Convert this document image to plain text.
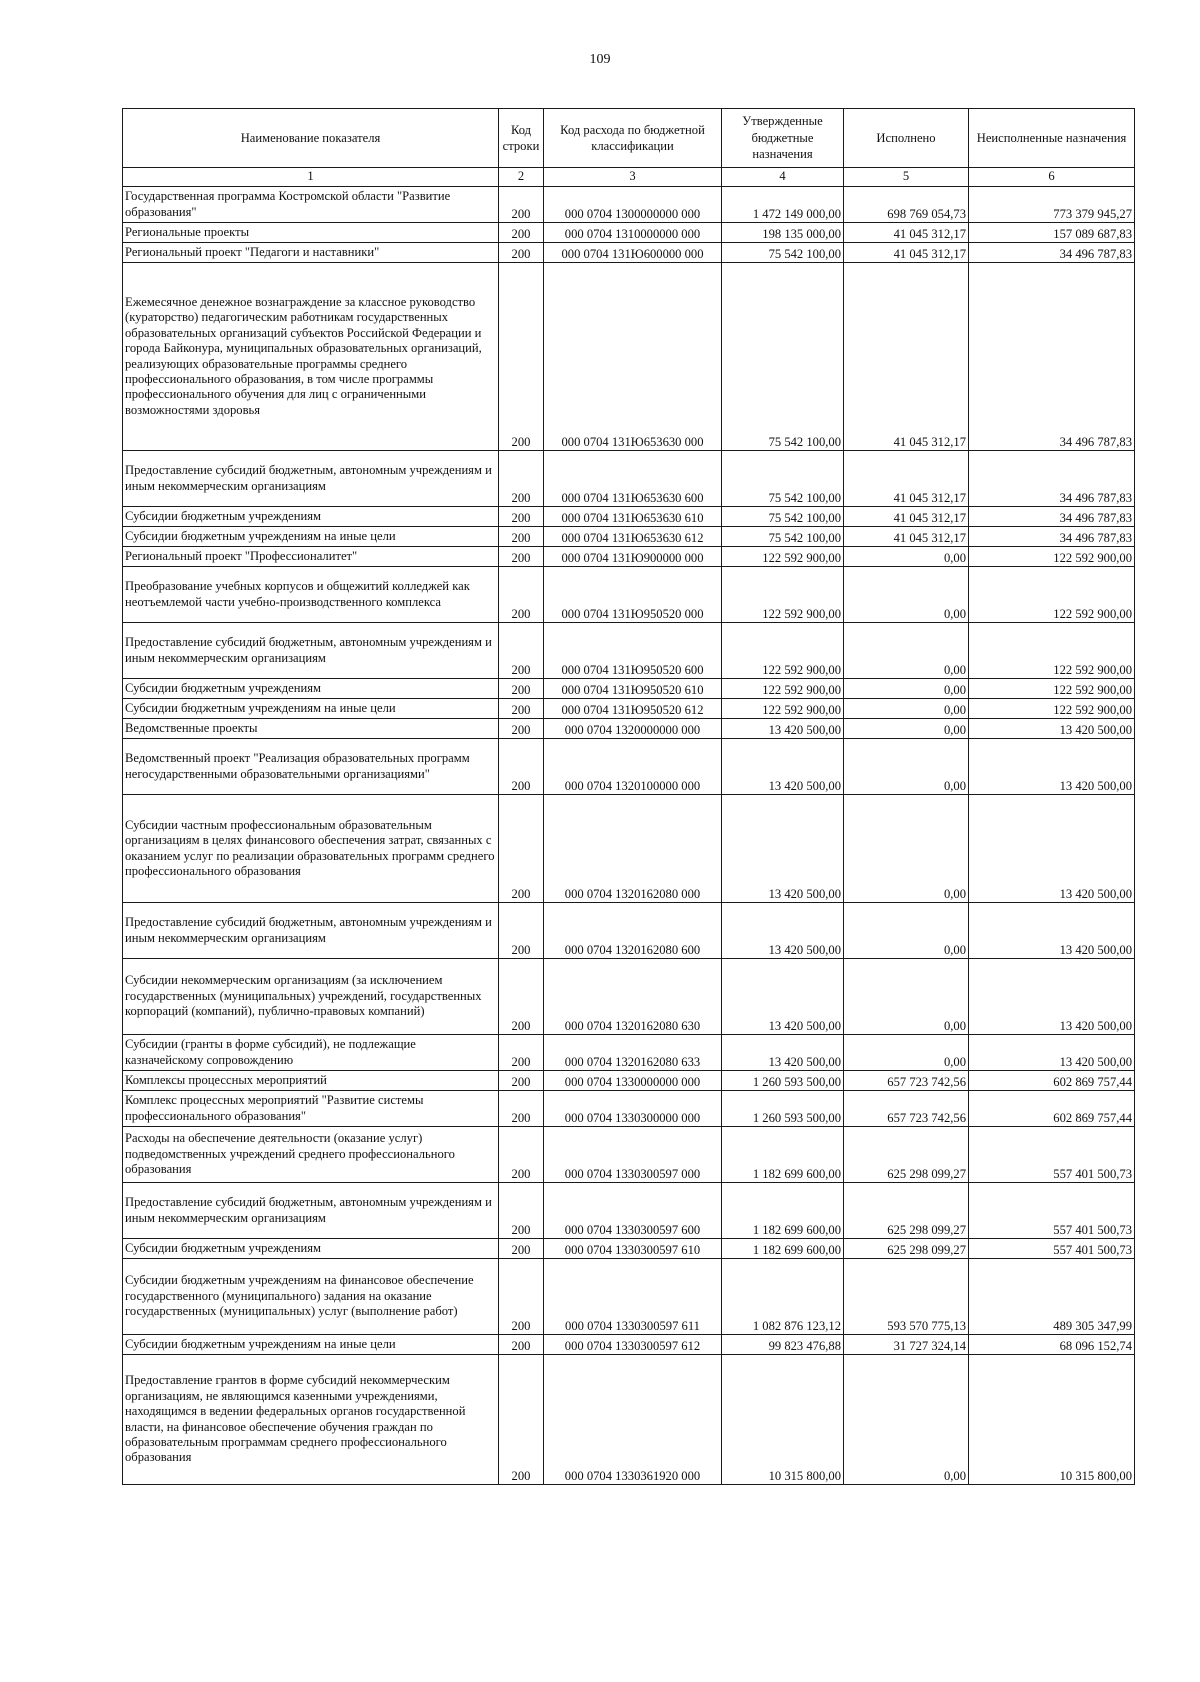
109
Наименование показателя	Код строки	Код расхода по бюджетной классификации	Утвержденные бюджетные назначения	Исполнено	Неисполненные назначения
1	2	3	4	5	6
Государственная программа Костромской области "Развитие образования"	200	000 0704 1300000000 000	1 472 149 000,00	698 769 054,73	773 379 945,27
Региональные проекты	200	000 0704 1310000000 000	198 135 000,00	41 045 312,17	157 089 687,83
Региональный проект "Педагоги и наставники"	200	000 0704 131Ю600000 000	75 542 100,00	41 045 312,17	34 496 787,83
Ежемесячное денежное вознаграждение за классное руководство (кураторство) педагогическим работникам государственных образовательных организаций субъектов Российской Федерации и города Байконура, муниципальных образовательных организаций, реализующих образовательные программы среднего профессионального образования, в том числе программы профессионального обучения для лиц с ограниченными возможностями здоровья	200	000 0704 131Ю653630 000	75 542 100,00	41 045 312,17	34 496 787,83
Предоставление субсидий бюджетным, автономным учреждениям и иным некоммерческим организациям	200	000 0704 131Ю653630 600	75 542 100,00	41 045 312,17	34 496 787,83
Субсидии бюджетным учреждениям	200	000 0704 131Ю653630 610	75 542 100,00	41 045 312,17	34 496 787,83
Субсидии бюджетным учреждениям на иные цели	200	000 0704 131Ю653630 612	75 542 100,00	41 045 312,17	34 496 787,83
Региональный проект "Профессионалитет"	200	000 0704 131Ю900000 000	122 592 900,00	0,00	122 592 900,00
Преобразование учебных корпусов и общежитий колледжей как неотъемлемой части учебно-производственного комплекса	200	000 0704 131Ю950520 000	122 592 900,00	0,00	122 592 900,00
Предоставление субсидий бюджетным, автономным учреждениям и иным некоммерческим организациям	200	000 0704 131Ю950520 600	122 592 900,00	0,00	122 592 900,00
Субсидии бюджетным учреждениям	200	000 0704 131Ю950520 610	122 592 900,00	0,00	122 592 900,00
Субсидии бюджетным учреждениям на иные цели	200	000 0704 131Ю950520 612	122 592 900,00	0,00	122 592 900,00
Ведомственные проекты	200	000 0704 1320000000 000	13 420 500,00	0,00	13 420 500,00
Ведомственный проект "Реализация образовательных программ негосударственными образовательными организациями"	200	000 0704 1320100000 000	13 420 500,00	0,00	13 420 500,00
Субсидии частным профессиональным образовательным организациям в целях финансового обеспечения затрат, связанных с оказанием услуг по реализации образовательных программ среднего профессионального образования	200	000 0704 1320162080 000	13 420 500,00	0,00	13 420 500,00
Предоставление субсидий бюджетным, автономным учреждениям и иным некоммерческим организациям	200	000 0704 1320162080 600	13 420 500,00	0,00	13 420 500,00
Субсидии некоммерческим организациям (за исключением государственных (муниципальных) учреждений, государственных корпораций (компаний), публично-правовых компаний)	200	000 0704 1320162080 630	13 420 500,00	0,00	13 420 500,00
Субсидии (гранты в форме субсидий), не подлежащие казначейскому сопровождению	200	000 0704 1320162080 633	13 420 500,00	0,00	13 420 500,00
Комплексы процессных мероприятий	200	000 0704 1330000000 000	1 260 593 500,00	657 723 742,56	602 869 757,44
Комплекс процессных мероприятий "Развитие системы профессионального образования"	200	000 0704 1330300000 000	1 260 593 500,00	657 723 742,56	602 869 757,44
Расходы на обеспечение деятельности (оказание услуг) подведомственных учреждений среднего профессионального образования	200	000 0704 1330300597 000	1 182 699 600,00	625 298 099,27	557 401 500,73
Предоставление субсидий бюджетным, автономным учреждениям и иным некоммерческим организациям	200	000 0704 1330300597 600	1 182 699 600,00	625 298 099,27	557 401 500,73
Субсидии бюджетным учреждениям	200	000 0704 1330300597 610	1 182 699 600,00	625 298 099,27	557 401 500,73
Субсидии бюджетным учреждениям на финансовое обеспечение государственного (муниципального) задания на оказание государственных (муниципальных) услуг (выполнение работ)	200	000 0704 1330300597 611	1 082 876 123,12	593 570 775,13	489 305 347,99
Субсидии бюджетным учреждениям на иные цели	200	000 0704 1330300597 612	99 823 476,88	31 727 324,14	68 096 152,74
Предоставление грантов в форме субсидий некоммерческим организациям, не являющимся казенными учреждениями, находящимся в ведении федеральных органов государственной власти, на финансовое обеспечение обучения граждан по образовательным программам среднего профессионального образования	200	000 0704 1330361920 000	10 315 800,00	0,00	10 315 800,00
